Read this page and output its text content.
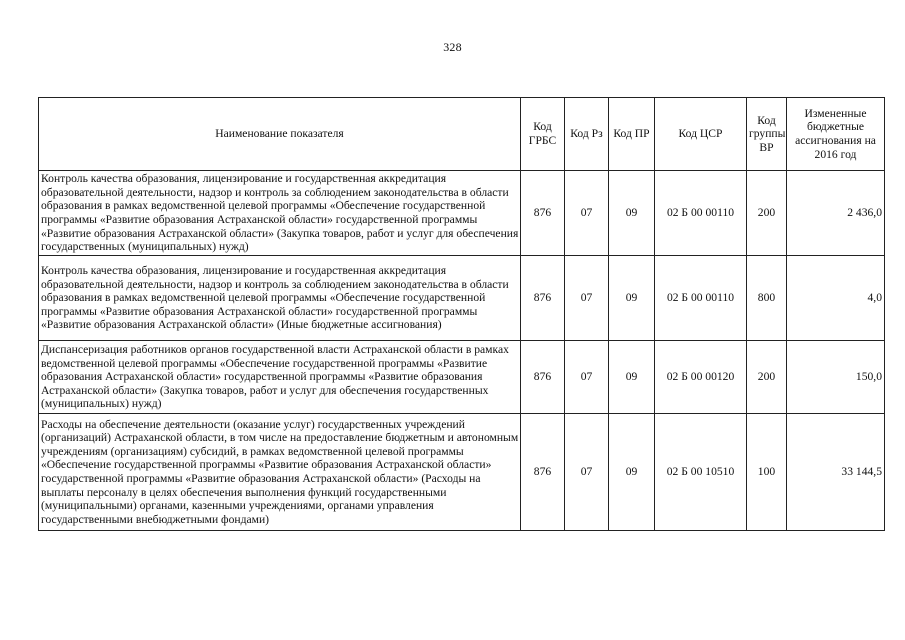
328
Наименование показателя	Код ГРБС	Код Рз	Код ПР	Код ЦСР	Код группы ВР	Измененные бюджетные ассигнования на 2016 год
Контроль качества образования, лицензирование и государственная аккредитация образовательной деятельности, надзор и контроль за соблюдением законодательства в области образования в рамках ведомственной целевой программы «Обеспечение государственной программы «Развитие образования Астраханской области» государственной программы «Развитие образования Астраханской области» (Закупка товаров, работ и услуг для обеспечения государственных (муниципальных) нужд)	876	07	09	02 Б 00 00110	200	2 436,0
Контроль качества образования, лицензирование и государственная аккредитация образовательной деятельности, надзор и контроль за соблюдением законодательства в области образования в рамках ведомственной целевой программы «Обеспечение государственной программы «Развитие образования Астраханской области» государственной программы «Развитие образования Астраханской области» (Иные бюджетные ассигнования)	876	07	09	02 Б 00 00110	800	4,0
Диспансеризация работников органов государственной власти Астраханской области в рамках ведомственной целевой программы «Обеспечение государственной программы «Развитие образования Астраханской области» государственной программы «Развитие образования Астраханской области» (Закупка товаров, работ и услуг для обеспечения государственных (муниципальных) нужд)	876	07	09	02 Б 00 00120	200	150,0
Расходы на обеспечение деятельности (оказание услуг) государственных учреждений (организаций) Астраханской области, в том числе на предоставление бюджетным и автономным учреждениям (организациям) субсидий, в рамках ведомственной целевой программы «Обеспечение государственной программы «Развитие образования Астраханской области» государственной программы «Развитие образования Астраханской области» (Расходы на выплаты персоналу в целях обеспечения выполнения функций государственными (муниципальными) органами, казенными учреждениями, органами управления государственными внебюджетными фондами)	876	07	09	02 Б 00 10510	100	33 144,5
